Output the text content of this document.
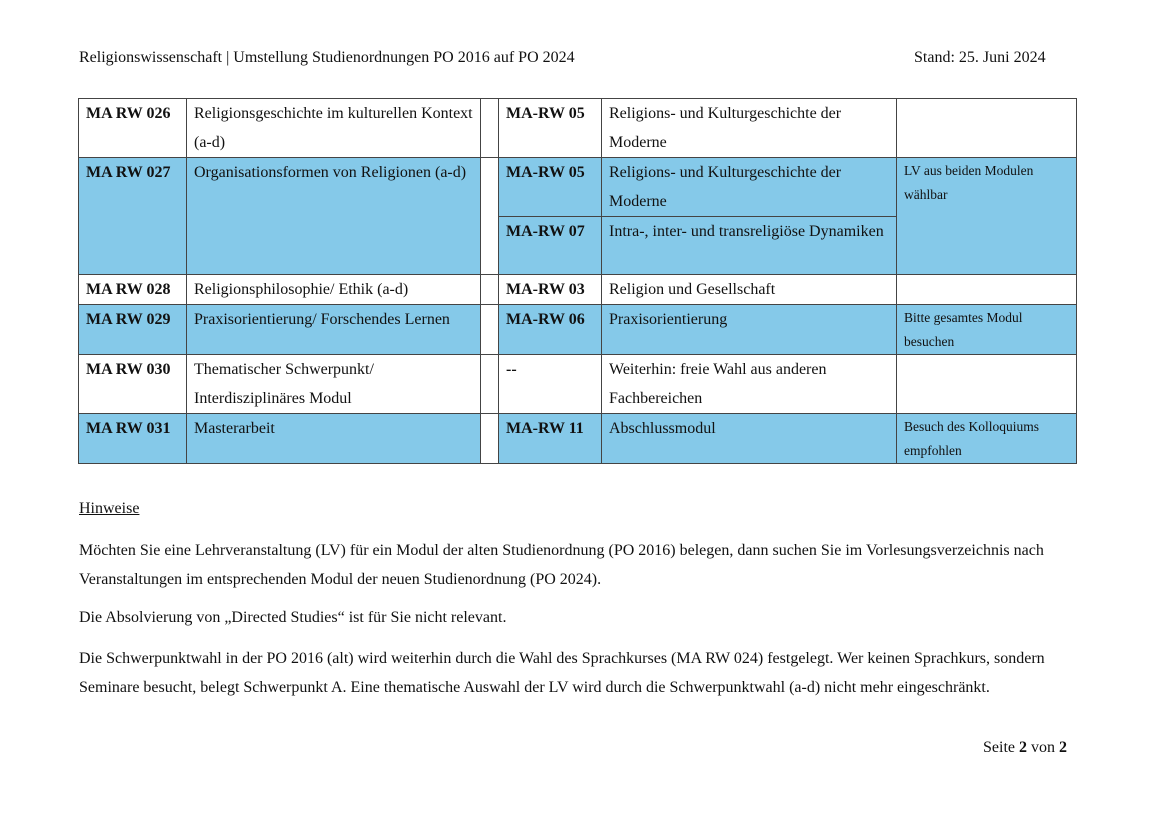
Religionswissenschaft | Umstellung Studienordnungen PO 2016 auf PO 2024	Stand: 25. Juni 2024
MA RW 026	Religionsgeschichte im kulturellen Kontext (a-d)		MA-RW 05	Religions- und Kulturgeschichte der Moderne	
MA RW 027	Organisationsformen von Religionen (a-d)		MA-RW 05	Religions- und Kulturgeschichte der Moderne	LV aus beiden Modulen wählbar
			MA-RW 07	Intra-, inter- und transreligiöse Dynamiken	
MA RW 028	Religionsphilosophie/ Ethik (a-d)		MA-RW 03	Religion und Gesellschaft	
MA RW 029	Praxisorientierung/ Forschendes Lernen		MA-RW 06	Praxisorientierung	Bitte gesamtes Modul besuchen
MA RW 030	Thematischer Schwerpunkt/ Interdisziplinäres Modul		--	Weiterhin: freie Wahl aus anderen Fachbereichen	
MA RW 031	Masterarbeit		MA-RW 11	Abschlussmodul	Besuch des Kolloquiums empfohlen
Hinweise
Möchten Sie eine Lehrveranstaltung (LV) für ein Modul der alten Studienordnung (PO 2016) belegen, dann suchen Sie im Vorlesungsverzeichnis nach Veranstaltungen im entsprechenden Modul der neuen Studienordnung (PO 2024).
Die Absolvierung von „Directed Studies“ ist für Sie nicht relevant.
Die Schwerpunktwahl in der PO 2016 (alt) wird weiterhin durch die Wahl des Sprachkurses (MA RW 024) festgelegt. Wer keinen Sprachkurs, sondern Seminare besucht, belegt Schwerpunkt A. Eine thematische Auswahl der LV wird durch die Schwerpunktwahl (a-d) nicht mehr eingeschränkt.
Seite 2 von 2
